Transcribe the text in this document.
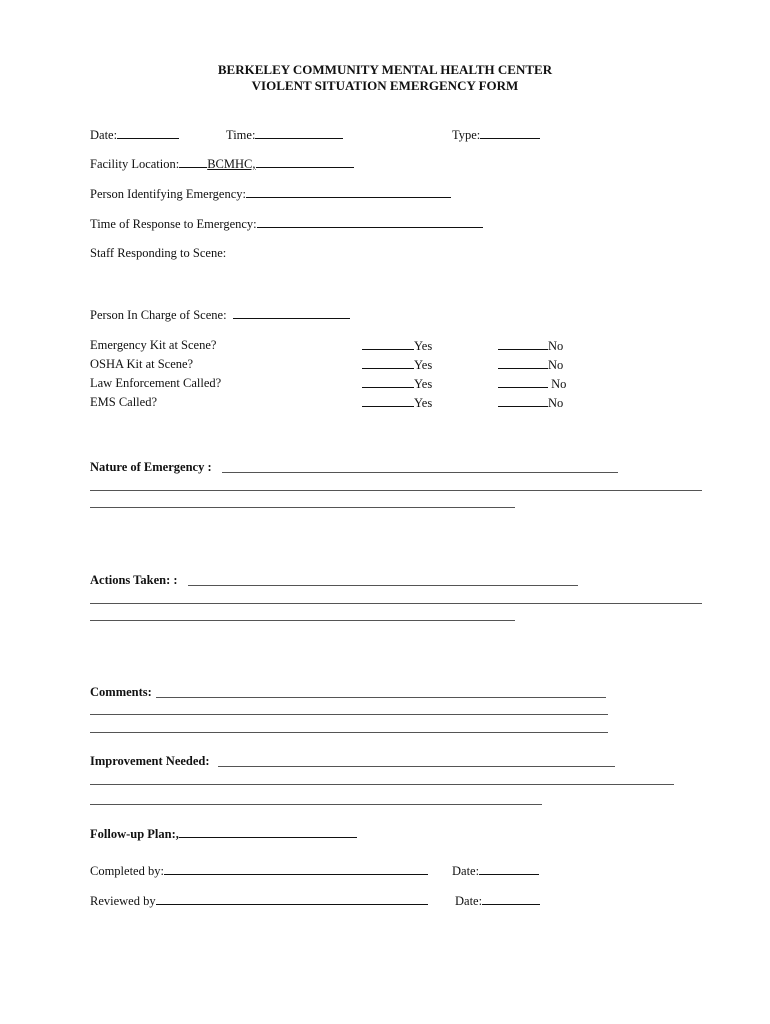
BERKELEY COMMUNITY MENTAL HEALTH CENTER
VIOLENT SITUATION EMERGENCY FORM
Date:	Time:	Type:
Facility Location: BCMHC,
Person Identifying Emergency:
Time of Response to Emergency:
Staff Responding to Scene:
Person In Charge of Scene:
Emergency Kit at Scene?	Yes	No
OSHA Kit at Scene?	Yes	No
Law Enforcement Called?	Yes	No
EMS Called?	Yes	No
Nature of Emergency :
Actions Taken: :
Comments:
Improvement Needed:
Follow-up Plan:,
Completed by:	Date:
Reviewed by	Date:
